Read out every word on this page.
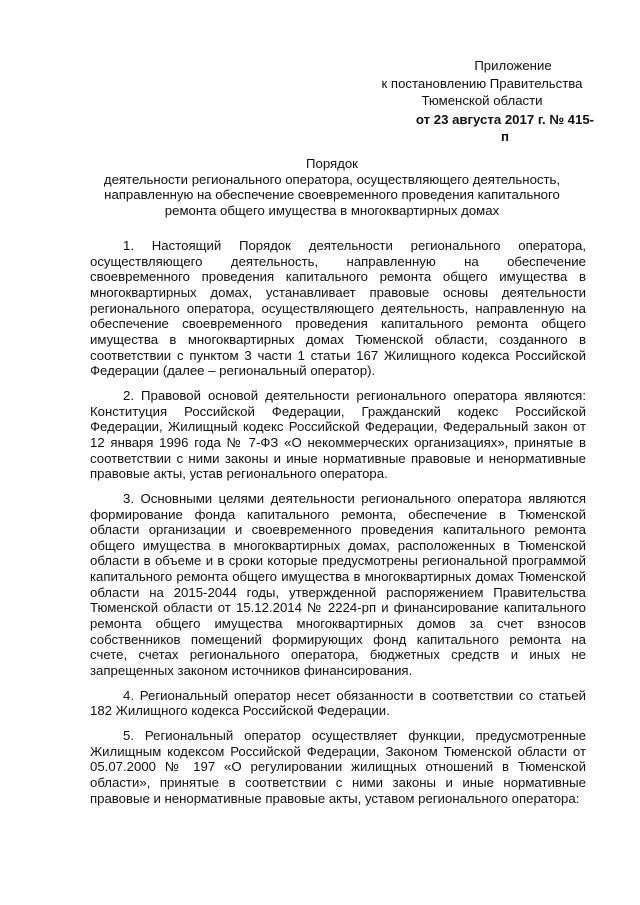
Приложение
к постановлению Правительства
Тюменской области
от 23 августа 2017 г. № 415-п
Порядок
деятельности регионального оператора, осуществляющего деятельность,
направленную на обеспечение своевременного проведения капитального
ремонта общего имущества в многоквартирных домах

1. Настоящий Порядок деятельности регионального оператора, осуществляющего деятельность, направленную на обеспечение своевременного проведения капитального ремонта общего имущества в многоквартирных домах, устанавливает правовые основы деятельности регионального оператора, осуществляющего деятельность, направленную на обеспечение своевременного проведения капитального ремонта общего имущества в многоквартирных домах Тюменской области, созданного в соответствии с пунктом 3 части 1 статьи 167 Жилищного кодекса Российской Федерации (далее – региональный оператор).

2. Правовой основой деятельности регионального оператора являются: Конституция Российской Федерации, Гражданский кодекс Российской Федерации, Жилищный кодекс Российской Федерации, Федеральный закон от 12 января 1996 года № 7-ФЗ «О некоммерческих организациях», принятые в соответствии с ними законы и иные нормативные правовые и ненормативные правовые акты, устав регионального оператора.

3. Основными целями деятельности регионального оператора являются формирование фонда капитального ремонта, обеспечение в Тюменской области организации и своевременного проведения капитального ремонта общего имущества в многоквартирных домах, расположенных в Тюменской области в объеме и в сроки которые предусмотрены региональной программой капитального ремонта общего имущества в многоквартирных домах Тюменской области на 2015-2044 годы, утвержденной распоряжением Правительства Тюменской области от 15.12.2014 № 2224-рп и финансирование капитального ремонта общего имущества многоквартирных домов за счет взносов собственников помещений формирующих фонд капитального ремонта на счете, счетах регионального оператора, бюджетных средств и иных не запрещенных законом источников финансирования.

4. Региональный оператор несет обязанности в соответствии со статьей 182 Жилищного кодекса Российской Федерации.

5. Региональный оператор осуществляет функции, предусмотренные Жилищным кодексом Российской Федерации, Законом Тюменской области от 05.07.2000 № 197 «О регулировании жилищных отношений в Тюменской области», принятые в соответствии с ними законы и иные нормативные правовые и ненормативные правовые акты, уставом регионального оператора:
